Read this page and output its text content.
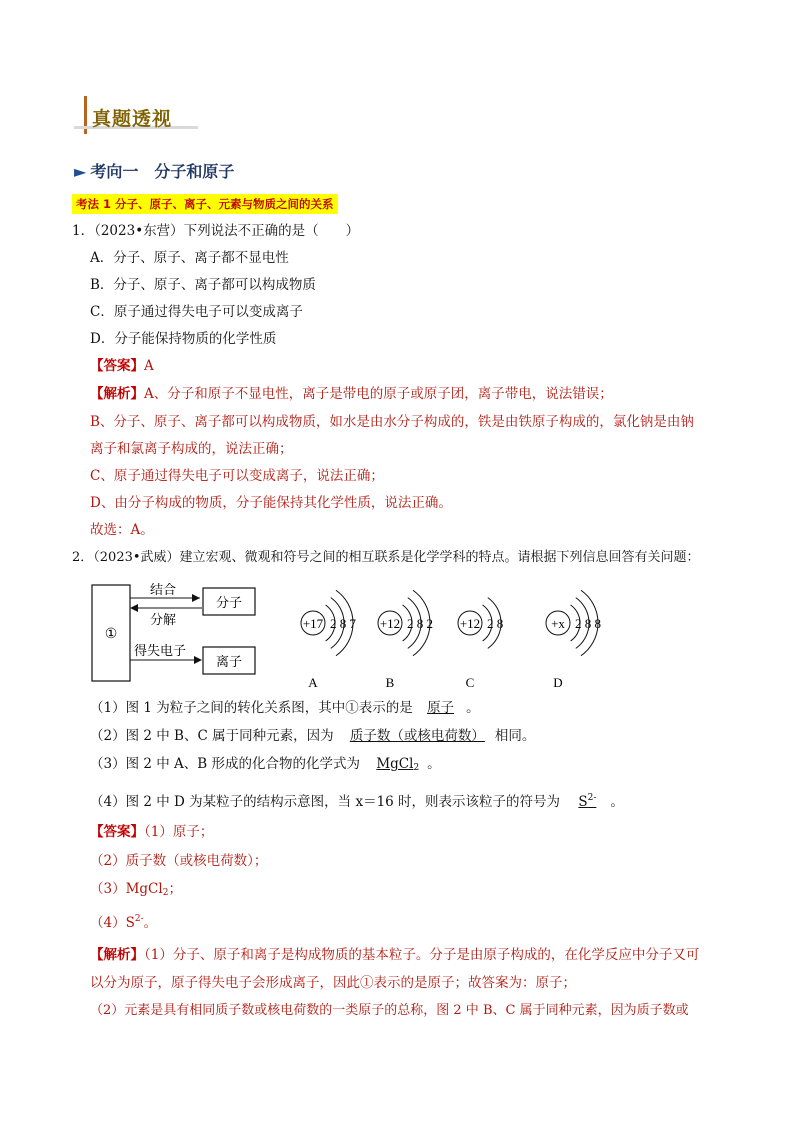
真题透视
► 考向一　分子和原子
考法 1 分子、原子、离子、元素与物质之间的关系
1．（2023•东营）下列说法不正确的是（　　）
A．分子、原子、离子都不显电性
B．分子、原子、离子都可以构成物质
C．原子通过得失电子可以变成离子
D．分子能保持物质的化学性质
【答案】A
【解析】A、分子和原子不显电性，离子是带电的原子或原子团，离子带电，说法错误；
B、分子、原子、离子都可以构成物质，如水是由水分子构成的，铁是由铁原子构成的，氯化钠是由钠
离子和氯离子构成的，说法正确；
C、原子通过得失电子可以变成离子，说法正确；
D、由分子构成的物质，分子能保持其化学性质，说法正确。
故选：A。
2．（2023•武威）建立宏观、微观和符号之间的相互联系是化学学科的特点。请根据下列信息回答有关问题：
①
结合
分解
分子
得失电子
离子
+17 2 8 7
A
+12 2 8 2
B
+12 2 8
C
+x 2 8 8
D
（1）图 1 为粒子之间的转化关系图，其中①表示的是 原子 。
（2）图 2 中 B、C 属于同种元素，因为 质子数（或核电荷数） 相同。
（3）图 2 中 A、B 形成的化合物的化学式为 MgCl$_2$ 。
（4）图 2 中 D 为某粒子的结构示意图，当 x＝16 时，则表示该粒子的符号为 $S^{2-}$ 。
【答案】（1）原子；
（2）质子数（或核电荷数）；
（3）MgCl$_2$；
$(4)S^{2-}$。
【解析】（1）分子、原子和离子是构成物质的基本粒子。分子是由原子构成的，在化学反应中分子又可
以分为原子，原子得失电子会形成离子，因此①表示的是原子；故答案为：原子；
（2）元素是具有相同质子数或核电荷数的一类原子的总称，图 2 中 B、C 属于同种元素，因为质子数或
